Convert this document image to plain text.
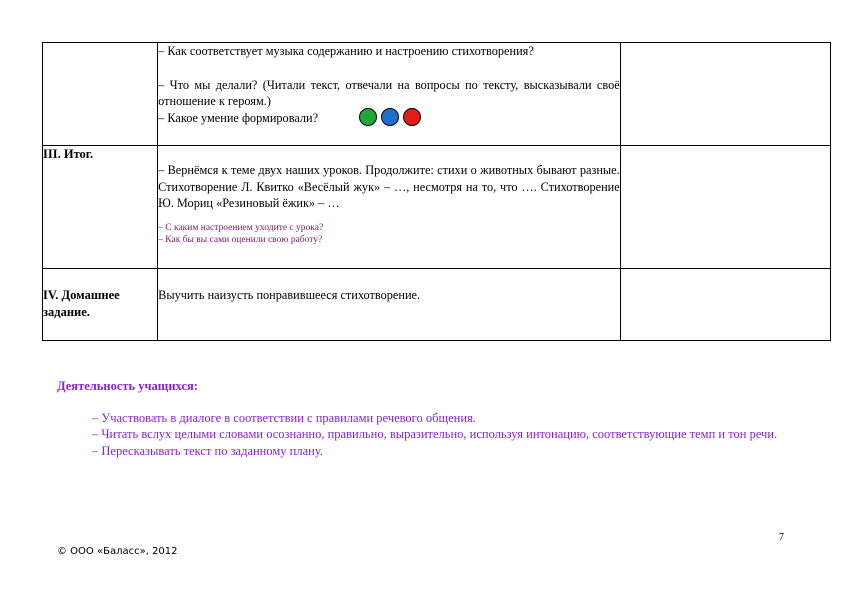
	– Как соответствует музыка содержанию и настроению стихотворения?

– Что мы делали? (Читали текст, отвечали на вопросы по тексту, высказывали своё отношение к героям.)

– Какое умение формировали?	

III. Итог.	– Вернёмся к теме двух наших уроков. Продолжите: стихи о животных бывают разные. Стихотворение Л. Квитко «Весёлый жук» – …, несмотря на то, что …. Стихотворение Ю. Мориц «Резиновый ёжик» – …

– С каким настроением уходите с урока?

– Как бы вы сами оценили свою работу?	

IV. Домашнее задание.	Выучить наизусть понравившееся стихотворение.	

Деятельность учащихся:

– Участвовать в диалоге в соответствии с правилами речевого общения.

– Читать вслух целыми словами осознанно, правильно, выразительно, используя интонацию, соответствующие темп и тон речи.

– Пересказывать текст по заданному плану.

7
© ООО «Баласс», 2012
